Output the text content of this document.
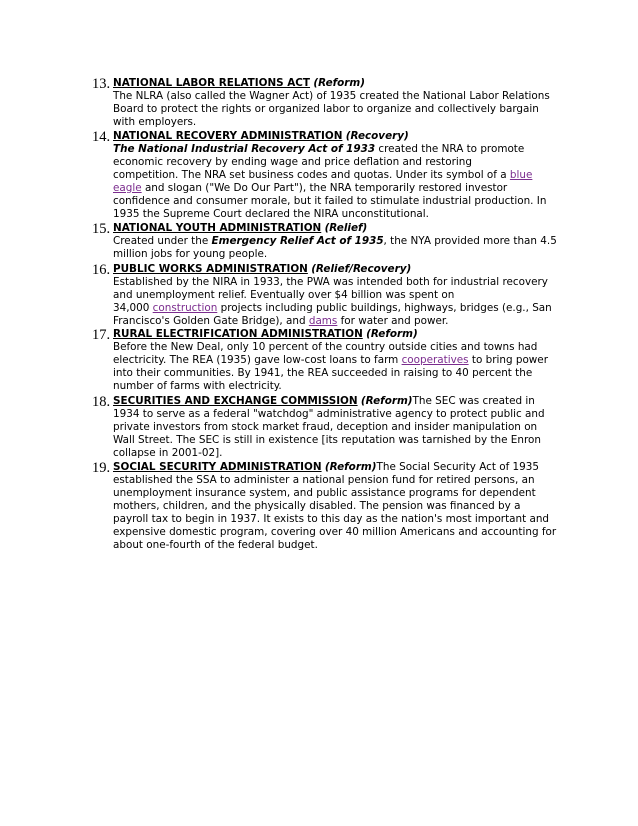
13. NATIONAL LABOR RELATIONS ACT (Reform)
The NLRA (also called the Wagner Act) of 1935 created the National Labor Relations
Board to protect the rights or organized labor to organize and collectively bargain
with employers.
14. NATIONAL RECOVERY ADMINISTRATION (Recovery)
The National Industrial Recovery Act of 1933 created the NRA to promote
economic recovery by ending wage and price deflation and restoring
competition. The NRA set business codes and quotas. Under its symbol of a blue
eagle and slogan ("We Do Our Part"), the NRA temporarily restored investor
confidence and consumer morale, but it failed to stimulate industrial production. In
1935 the Supreme Court declared the NIRA unconstitutional.
15. NATIONAL YOUTH ADMINISTRATION (Relief)
Created under the Emergency Relief Act of 1935, the NYA provided more than 4.5
million jobs for young people.
16. PUBLIC WORKS ADMINISTRATION (Relief/Recovery)
Established by the NIRA in 1933, the PWA was intended both for industrial recovery
and unemployment relief. Eventually over $4 billion was spent on
34,000 construction projects including public buildings, highways, bridges (e.g., San
Francisco's Golden Gate Bridge), and dams for water and power.
17. RURAL ELECTRIFICATION ADMINISTRATION (Reform)
Before the New Deal, only 10 percent of the country outside cities and towns had
electricity. The REA (1935) gave low-cost loans to farm cooperatives to bring power
into their communities. By 1941, the REA succeeded in raising to 40 percent the
number of farms with electricity.
18. SECURITIES AND EXCHANGE COMMISSION (Reform)The SEC was created in
1934 to serve as a federal "watchdog" administrative agency to protect public and
private investors from stock market fraud, deception and insider manipulation on
Wall Street. The SEC is still in existence [its reputation was tarnished by the Enron
collapse in 2001-02].
19. SOCIAL SECURITY ADMINISTRATION (Reform)The Social Security Act of 1935
established the SSA to administer a national pension fund for retired persons, an
unemployment insurance system, and public assistance programs for dependent
mothers, children, and the physically disabled. The pension was financed by a
payroll tax to begin in 1937. It exists to this day as the nation's most important and
expensive domestic program, covering over 40 million Americans and accounting for
about one-fourth of the federal budget.
